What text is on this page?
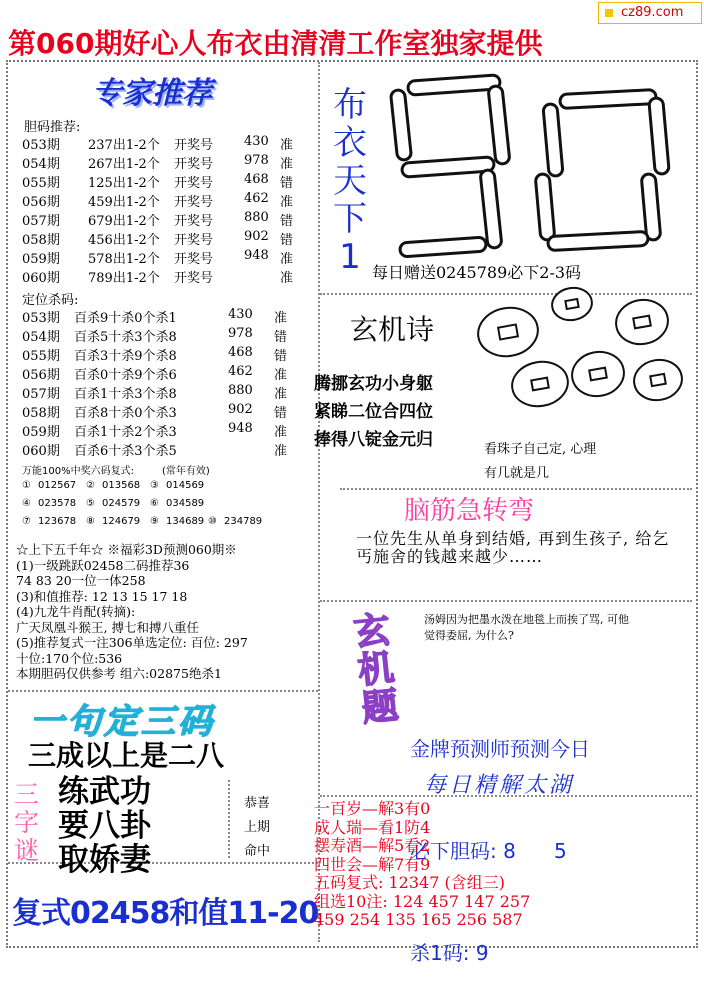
cz89.com
第060期好心人布衣由清清工作室独家提供
专家推荐
胆码推荐:
053期 237出1-2个 开奖号 430 准
054期 267出1-2个 开奖号 978 准
055期 125出1-2个 开奖号 468 错
056期 459出1-2个 开奖号 462 准
057期 679出1-2个 开奖号 880 错
058期 456出1-2个 开奖号 902 错
059期 578出1-2个 开奖号 948 准
060期 789出1-2个 开奖号	准
定位杀码:
053期 百杀9十杀0个杀1	430 准
054期 百杀5十杀3个杀8	978 错
055期 百杀3十杀9个杀8	468 错
056期 百杀0十杀9个杀6	462 准
057期 百杀1十杀3个杀8	880 准
058期 百杀8十杀0个杀3	902 错
059期 百杀1十杀2个杀3	948 准
060期 百杀6十杀3个杀5	准
万能100%中奖六码复式:	(常年有效)
① 012567 ② 013568 ③ 014569
④ 023578 ⑤ 024579 ⑥ 034589
⑦ 123678 ⑧ 124679 ⑨ 134689 ⑩ 234789
☆上下五千年☆ ※福彩3D预测060期※
(1)一级跳跃02458二码推荐36
74 83 20一位一体258
(3)和值推荐: 12 13 15 17 18
(4)九龙牛肖配(转摘):
广天凤凰斗猴王, 搏七和搏八重任
(5)推荐复式一注306单选定位: 百位: 297
十位:170个位:536
本期胆码仅供参考 组六:02875绝杀1
一句定三码
三成以上是二八
三
字
谜
练武功
要八卦
取娇妻
恭喜
上期
命中
复式02458和值11-20
布
衣
天
下
1 每日赠送0245789必下2-3码
玄机诗
腾挪玄功小身躯
紧睇二位合四位
捧得八锭金元归	看珠子自己定, 心理
有几就是几
脑筋急转弯
一位先生从单身到结婚, 再到生孩子, 给乞丐施舍的钱越来越少……
玄
机
题
汤姆因为把墨水泼在地毯上而挨了骂, 可他觉得委屈, 为什么?

金牌预测师预测今日

必下胆码: 8      5

杀1码: 9

每日精解太湖
一百岁—解3有0
成人瑞—看1防4
摆寿酒—解5看2
四世会—解7有9
五码复式: 12347 (含组三)
组选10注: 124 457 147 257
459 254 135 165 256 587
